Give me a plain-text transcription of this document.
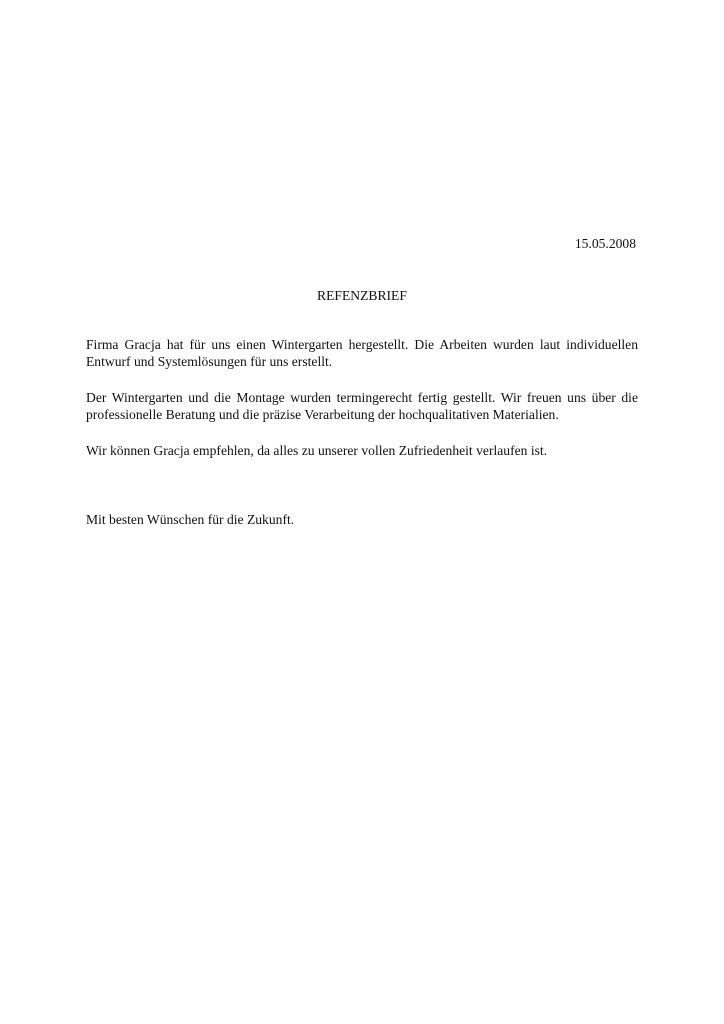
15.05.2008
REFENZBRIEF
Firma Gracja hat für uns einen Wintergarten hergestellt. Die Arbeiten wurden laut individuellen Entwurf und Systemlösungen für uns erstellt.
Der Wintergarten und die Montage wurden termingerecht fertig gestellt. Wir freuen uns über die professionelle Beratung und die präzise Verarbeitung der hochqualitativen Materialien.
Wir können Gracja empfehlen, da alles zu unserer vollen Zufriedenheit verlaufen ist.
Mit besten Wünschen für die Zukunft.
